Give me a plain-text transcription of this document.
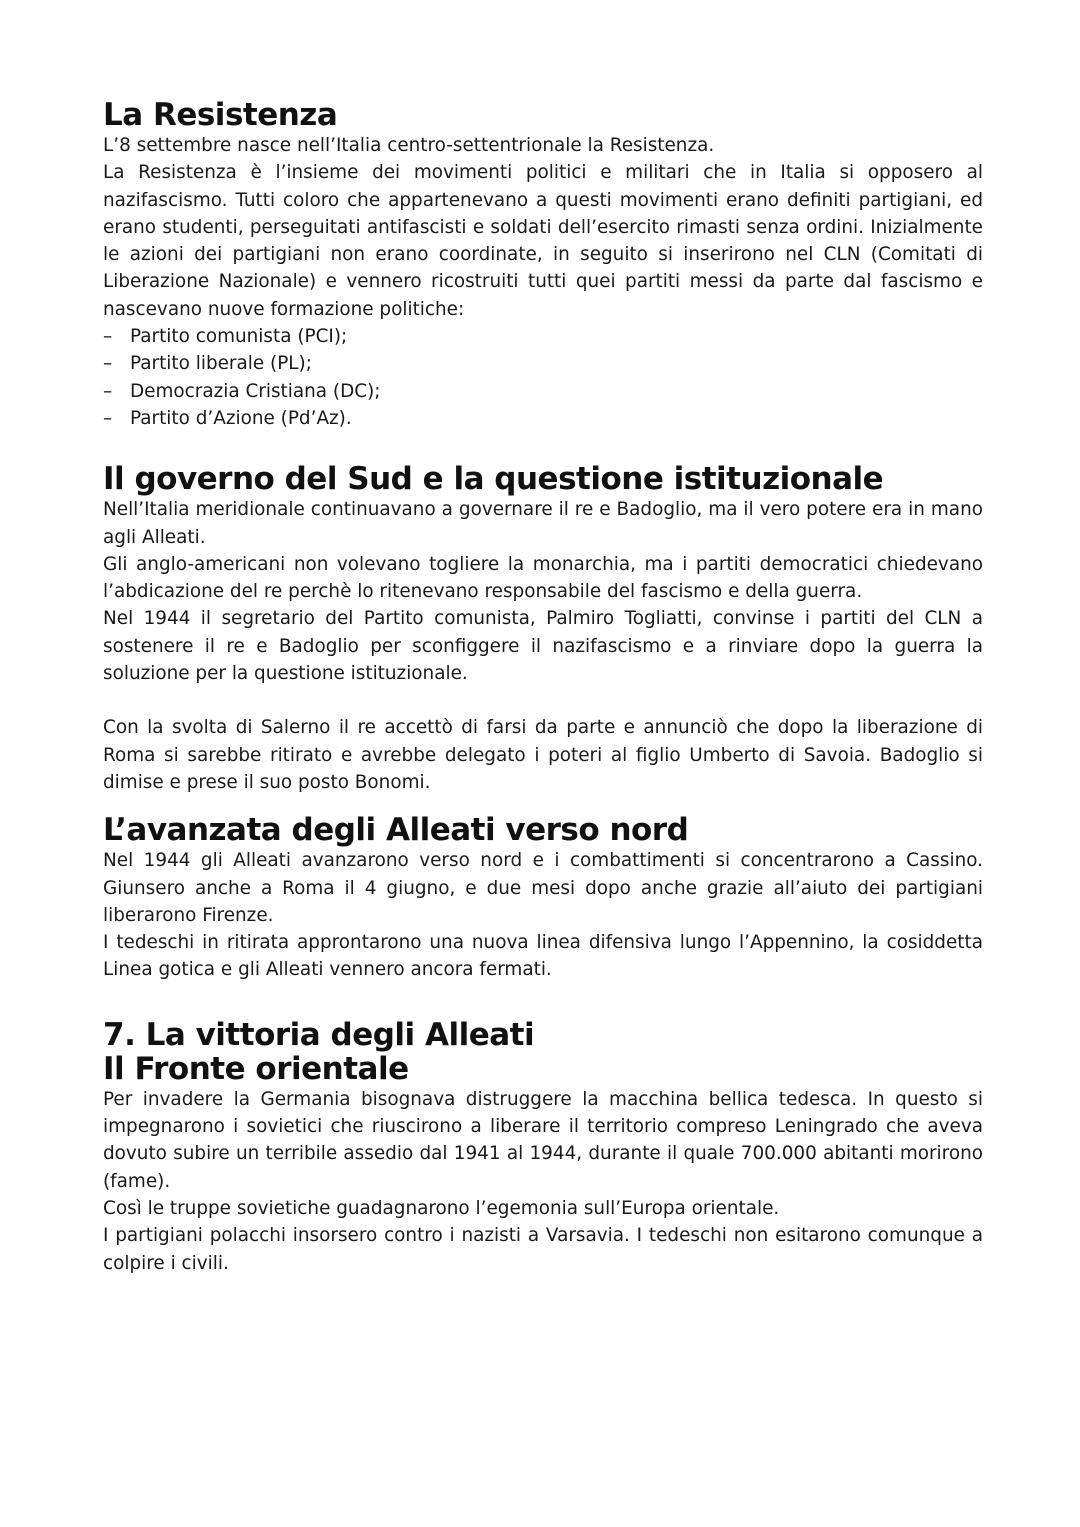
La Resistenza

L’8 settembre nasce nell’Italia centro-settentrionale la Resistenza.

La Resistenza è l’insieme dei movimenti politici e militari che in Italia si opposero al nazifascismo. Tutti coloro che appartenevano a questi movimenti erano definiti partigiani, ed erano studenti, perseguitati antifascisti e soldati dell’esercito rimasti senza ordini. Inizialmente le azioni dei partigiani non erano coordinate, in seguito si inserirono nel CLN (Comitati di Liberazione Nazionale) e vennero ricostruiti tutti quei partiti messi da parte dal fascismo e nascevano nuove formazione politiche:

– Partito comunista (PCI);
– Partito liberale (PL);
– Democrazia Cristiana (DC);
– Partito d’Azione (Pd’Az).
Il governo del Sud e la questione istituzionale

Nell’Italia meridionale continuavano a governare il re e Badoglio, ma il vero potere era in mano agli Alleati.

Gli anglo-americani non volevano togliere la monarchia, ma i partiti democratici chiedevano l’abdicazione del re perchè lo ritenevano responsabile del fascismo e della guerra.

Nel 1944 il segretario del Partito comunista, Palmiro Togliatti, convinse i partiti del CLN a sostenere il re e Badoglio per sconfiggere il nazifascismo e a rinviare dopo la guerra la soluzione per la questione istituzionale.

Con la svolta di Salerno il re accettò di farsi da parte e annunciò che dopo la liberazione di Roma si sarebbe ritirato e avrebbe delegato i poteri al figlio Umberto di Savoia. Badoglio si dimise e prese il suo posto Bonomi.

L’avanzata degli Alleati verso nord

Nel 1944 gli Alleati avanzarono verso nord e i combattimenti si concentrarono a Cassino. Giunsero anche a Roma il 4 giugno, e due mesi dopo anche grazie all’aiuto dei partigiani liberarono Firenze.

I tedeschi in ritirata approntarono una nuova linea difensiva lungo l’Appennino, la cosiddetta Linea gotica e gli Alleati vennero ancora fermati.

7. La vittoria degli Alleati
Il Fronte orientale

Per invadere la Germania bisognava distruggere la macchina bellica tedesca. In questo si impegnarono i sovietici che riuscirono a liberare il territorio compreso Leningrado che aveva dovuto subire un terribile assedio dal 1941 al 1944, durante il quale 700.000 abitanti morirono (fame).

Così le truppe sovietiche guadagnarono l’egemonia sull’Europa orientale.

I partigiani polacchi insorsero contro i nazisti a Varsavia. I tedeschi non esitarono comunque a colpire i civili.
